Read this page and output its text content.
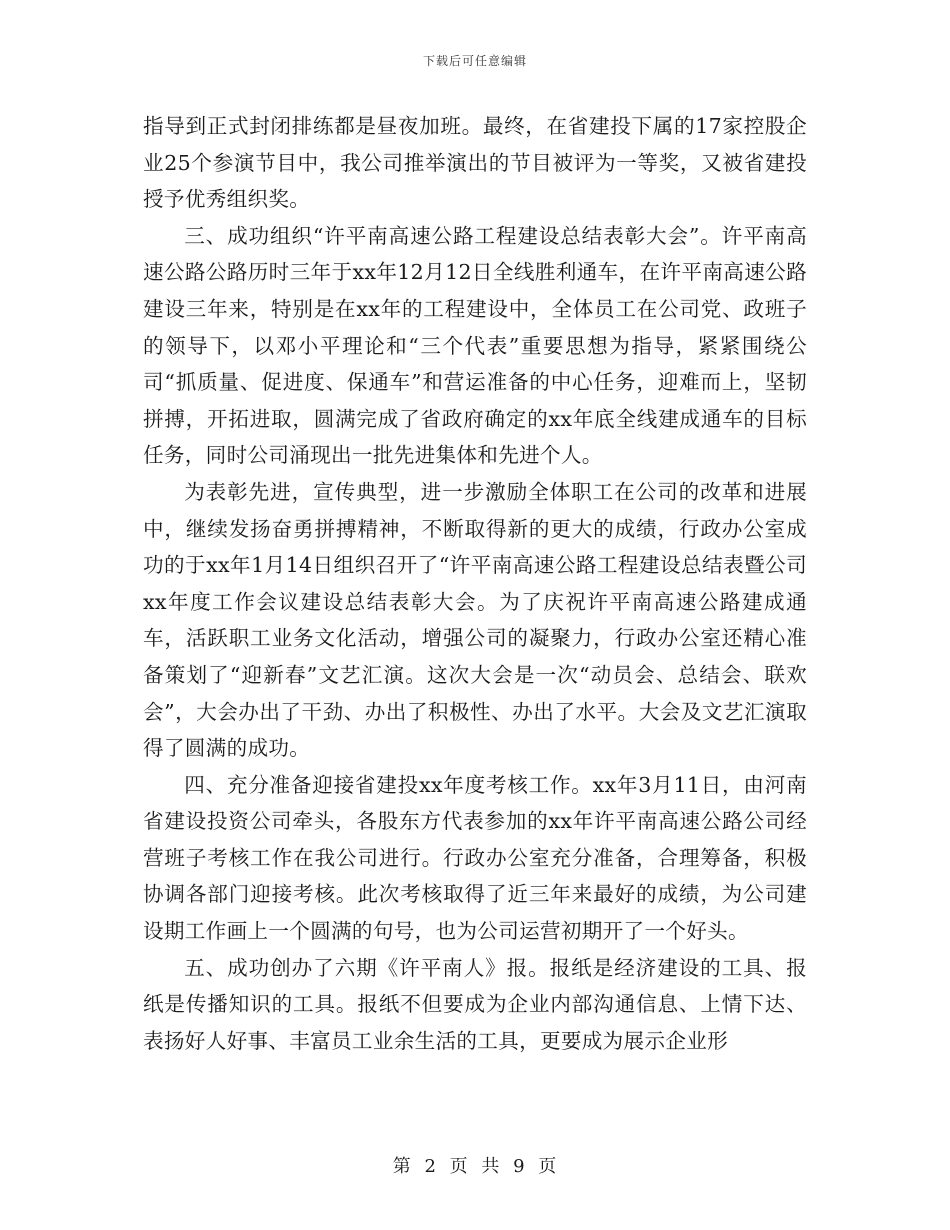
下载后可任意编辑

指导到正式封闭排练都是昼夜加班。最终，在省建投下属的17家控股企业25个参演节目中，我公司推举演出的节目被评为一等奖，又被省建投授予优秀组织奖。

三、成功组织“许平南高速公路工程建设总结表彰大会”。许平南高速公路公路历时三年于xx年12月12日全线胜利通车，在许平南高速公路建设三年来，特别是在xx年的工程建设中，全体员工在公司党、政班子的领导下，以邓小平理论和“三个代表”重要思想为指导，紧紧围绕公司“抓质量、促进度、保通车”和营运准备的中心任务，迎难而上，坚韧拼搏，开拓进取，圆满完成了省政府确定的xx年底全线建成通车的目标任务，同时公司涌现出一批先进集体和先进个人。

为表彰先进，宣传典型，进一步激励全体职工在公司的改革和进展中，继续发扬奋勇拼搏精神，不断取得新的更大的成绩，行政办公室成功的于xx年1月14日组织召开了“许平南高速公路工程建设总结表暨公司xx年度工作会议建设总结表彰大会。为了庆祝许平南高速公路建成通车，活跃职工业务文化活动，增强公司的凝聚力，行政办公室还精心准备策划了“迎新春”文艺汇演。这次大会是一次“动员会、总结会、联欢会”，大会办出了干劲、办出了积极性、办出了水平。大会及文艺汇演取得了圆满的成功。

四、充分准备迎接省建投xx年度考核工作。xx年3月11日，由河南省建设投资公司牵头，各股东方代表参加的xx年许平南高速公路公司经营班子考核工作在我公司进行。行政办公室充分准备，合理筹备，积极协调各部门迎接考核。此次考核取得了近三年来最好的成绩，为公司建设期工作画上一个圆满的句号，也为公司运营初期开了一个好头。

五、成功创办了六期《许平南人》报。报纸是经济建设的工具、报纸是传播知识的工具。报纸不但要成为企业内部沟通信息、上情下达、表扬好人好事、丰富员工业余生活的工具，更要成为展示企业形

第 2 页 共 9 页
